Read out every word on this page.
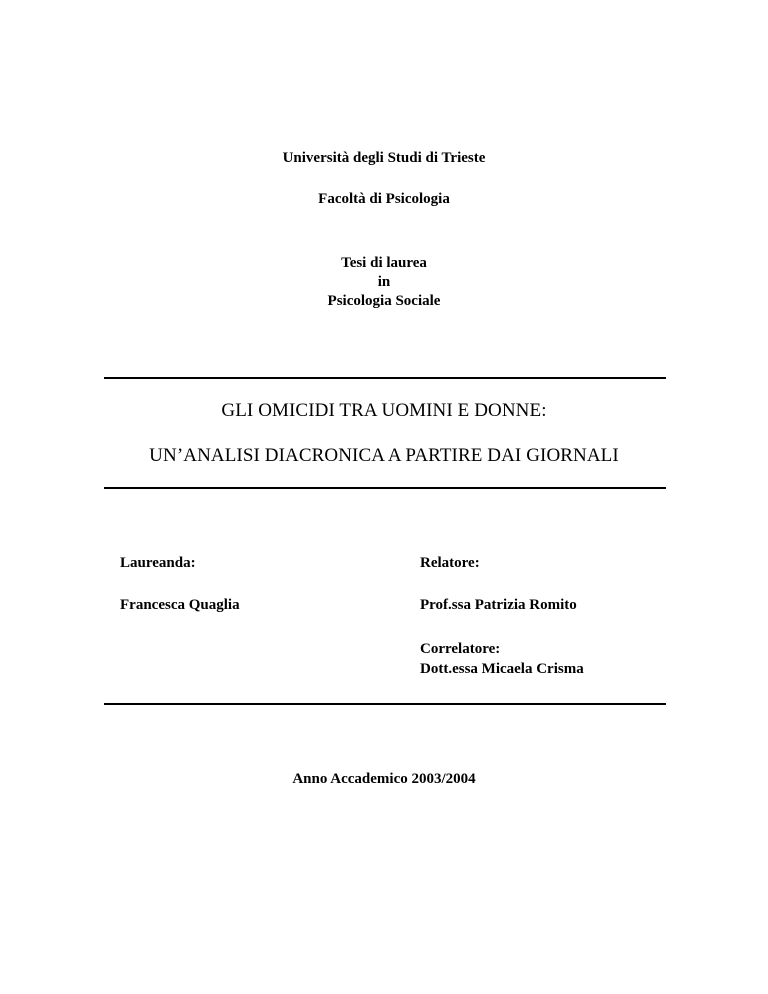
Università degli Studi di Trieste
Facoltà di Psicologia
Tesi di laurea
in
Psicologia Sociale
GLI OMICIDI TRA UOMINI E DONNE:
UN’ANALISI DIACRONICA A PARTIRE DAI GIORNALI
Laureanda:	Relatore:
Francesca Quaglia	Prof.ssa Patrizia Romito
Correlatore:
Dott.essa Micaela Crisma
Anno Accademico 2003/2004
